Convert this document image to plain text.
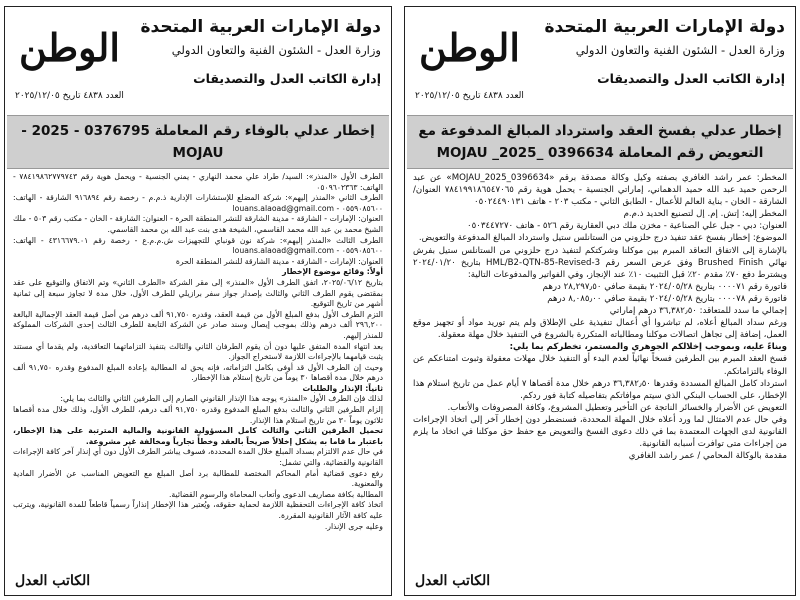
الوطن
العدد ٤٨٣٨ تاريخ ٢٠٢٥/١٢/٠٥
دولة الإمارات العربية المتحدة
وزارة العدل - الشئون الفنية والتعاون الدولي
إدارة الكاتب العدل والتصديقات
إخطار عدلي بالوفاء رقم المعاملة 0376795 - 2025 - MOJAU

الطرف الأول «المنذر»: السيد/ طراد علي محمد النهاري - يمني الجنسية - ويحمل هوية رقم ٧٨٤١٩٨٦٢٧٧٩٧٤٣ - الهاتف: ٠٥٠٩٦٠٢٣٦٣

الطرف الثاني «المنذر إليهم»: شركة المضلع للإستشارات الإدارية ذ.م.م - رخصة رقم ٩١٦٨٩٤ الشارقة - الهاتف: ٠٥٥٩٠٨٥٦٠٠ - louans.alaoad@gmail.com

العنوان: الإمارات - الشارقة - مدينة الشارقة للنشر المنطقة الحرة - العنوان: الشارقة - الخان - مكتب رقم ٥٠٣ - ملك الشيخ محمد بن عبد الله محمد القاسمي، الشيخة هدى بنت عبد الله بن محمد القاسمي.

الطرف الثالث «المنذر إليهم»: شركة نون قونباي للتجهيزات ش.م.م.ع - رخصة رقم ٤٣١٦٦٧٩.٠١ - الهاتف: ٠٥٥٩٠٨٥٦٠٠ - louans.alaoad@gmail.com

العنوان: الإمارات - الشارقة - مدينة الشارقة للنشر المنطقة الحرة

أولاً: وقائع موضوع الإخطار

بتاريخ ٢٠٢٥/٠٦/١٢، اتفق الطرف الأول «المنذر» إلى مقر الشركة «الطرف الثاني» وتم الاتفاق والتوقيع على عقد بمقتضى يقوم الطرف الثاني والثالث بإصدار جواز سفر برازيلي للطرف الأول، خلال مدة لا تجاوز سبعة إلى ثمانية أشهر من تاريخ التوقيع.

التزم الطرف الأول بدفع المبلغ الأول من قيمة العقد، وقدره ٩١,٧٥٠ ألف درهم من أصل قيمة العقد الإجمالية البالغة ٢٩٦,٢٠٠ ألف درهم وذلك بموجب إيصال وسند صادر عن الشركة التابعة للطرف الثالث إحدى الشركات المملوكة للمنذر إليهم.

بعد انتهاء المدة المتفق عليها دون أن يقوم الطرفان الثاني والثالث بتنفيذ التزاماتهما التعاقدية، ولم يقدما أي مستند يثبت قيامهما بالإجراءات اللازمة لاستخراج الجواز.

وحيث إن الطرف الأول قد أوفى بكامل التزاماته، فإنه يحق له المطالبة بإعادة المبلغ المدفوع وقدره ٩١,٧٥٠ ألف درهم خلال مدة أقصاها ٣٠ يوماً من تاريخ إستلام هذا الإخطار.

ثانياً: الإنذار والطلبات

لذلك فإن الطرف الأول «المنذر» يوجه هذا الإنذار القانوني الصارم إلى الطرفين الثاني والثالث بما يلي:

إلزام الطرفين الثاني والثالث بدفع المبلغ المدفوع وقدره ٩١,٧٥٠ ألف درهم، للطرف الأول، وذلك خلال مدة أقصاها ثلاثون يوماً ٣٠ من تاريخ استلام هذا الإنذار.

تحميل الطرفين الثاني والثالث كامل المسؤولية القانونية والمالية المترتبة على هذا الإخطار، باعتبار ما قاما به يشكل إخلالاً صريحاً بالعقد وخطأً تجارياً ومخالفة غير مشروعة.

في حال عدم الالتزام بسداد المبلغ خلال المدة المحددة، فسوف يباشر الطرف الأول دون أي إنذار آخر كافة الإجراءات القانونية والقضائية، والتي تشمل:

رفع دعوى قضائية أمام المحاكم المختصة للمطالبة برد أصل المبلغ مع التعويض المناسب عن الأضرار المادية والمعنوية.

المطالبة بكافة مصاريف الدعوى وأتعاب المحاماة والرسوم القضائية.

اتخاذ كافة الإجراءات التحفظية اللازمة لحماية حقوقه، ويُعتبر هذا الإخطار إنذاراً رسمياً قاطعاً للمدة القانونية، ويترتب عليه كافة الآثار القانونية المقررة.

وعليه جرى الإنذار.

الكاتب العدل
الوطن
العدد ٤٨٣٨ تاريخ ٢٠٢٥/١٢/٠٥
دولة الإمارات العربية المتحدة
وزارة العدل - الشئون الفنية والتعاون الدولي
إدارة الكاتب العدل والتصديقات
إخطار عدلي بفسخ العقد واسترداد المبالغ المدفوعة مع التعويض رقم المعاملة 0396634 _2025_ MOJAU

المخطر: عمر راشد الغافري بصفته وكيل وكالة مصدقة برقم «MOJAU_2025_0396634» عن عبد الرحمن حميد عبد الله حميد الدهماني، إماراتي الجنسية - يحمل هوية رقم ٧٨٤١٩٩١٨٦٥٤٧٠٦٥ العنوان/ الشارقة - الخان - بناية العالم للأعمال - الطابق الثاني - مكتب ٢٠٣ - هاتف ٠٥٠٢٤٤٩٠١٣١

المخطر إليه: إتش. إم. إل لتصنيع الحديد ذ.م.م

العنوان: دبي - جبل علي الصناعية - مخزن ملك دبي العقارية رقم ٥٢٦ - هاتف ٠٥٠٣٤٤٧٢٧٠

الموضوع: إخطار بفسخ عقد تنفيذ درج حلزوني من الستانلس ستيل واسترداد المبالغ المدفوعة والتعويض.

بالإشارة إلى الاتفاق التعاقد المبرم بين موكلنا وشركتكم لتنفيذ درج حلزوني من الستانلس ستيل بفرش نهائي Brushed Finish وفق عرض السعر رقم HML/B2-QTN-85-Revised-3 بتاريخ ٢٠٢٤/٠١/٢٠ ويشترط دفع ٧٠٪ مقدم ٢٠٪ قبل التثبيت ١٠٪ عند الإنجاز، وفي الفواتير والمدفوعات التالية:

فاتورة رقم ٠٠٠٠٧١ بتاريخ ٢٠٢٤/٠٥/٢٨ بقيمة صافي ٢٨,٢٩٧٫٥٠ درهم

فاتورة رقم ٠٠٠٠٧٨ بتاريخ ٢٠٢٤/٠٥/٢٨ بقيمة صافي ٨,٠٨٥٫٠٠ درهم

إجمالي ما سدد للمتعاقد: ٣٦,٣٨٢٫٥٠ درهم إماراتي

ورغم سداد المبالغ أعلاه، لم تباشروا أي أعمال تنفيذية على الإطلاق ولم يتم توريد مواد أو تجهيز موقع العمل، إضافة إلى تجاهل اتصالات موكلنا ومطالباته المتكررة بالشروع في التنفيذ خلال مهلة معقولة.

وبناءً عليه، وبموجب إخلالكم الجوهري والمستمر، تخطركم بما يلي:

فسخ العقد المبرم بين الطرفين فسخاً نهائياً لعدم البدء أو التنفيذ خلال مهلات معقولة وثبوت امتناعكم عن الوفاء بالتزاماتكم.

استرداد كامل المبالغ المسددة وقدرها ٣٦,٣٨٢٫٥٠ درهم خلال مدة أقصاها ٧ أيام عمل من تاريخ استلام هذا الإخطار، على الحساب البنكي الذي سيتم موافاتكم بتفاصيله كتابة فور ردكم.

التعويض عن الأضرار والخسائر الناتجة عن التأخير وتعطيل المشروع، وكافة المصروفات والأتعاب.

وفي حال عدم الامتثال لما ورد أعلاه خلال المهلة المحددة، فسنضطر دون إخطار آخر إلى اتخاذ الإجراءات القانونية لدى الجهات المعتمدة بما في ذلك دعوى الفسخ والتعويض مع حفظ حق موكلنا في اتخاذ ما يلزم من إجراءات متى توافرت أسبابه القانونية.

مقدمة بالوكالة المحامي / عمر راشد الغافري

الكاتب العدل
